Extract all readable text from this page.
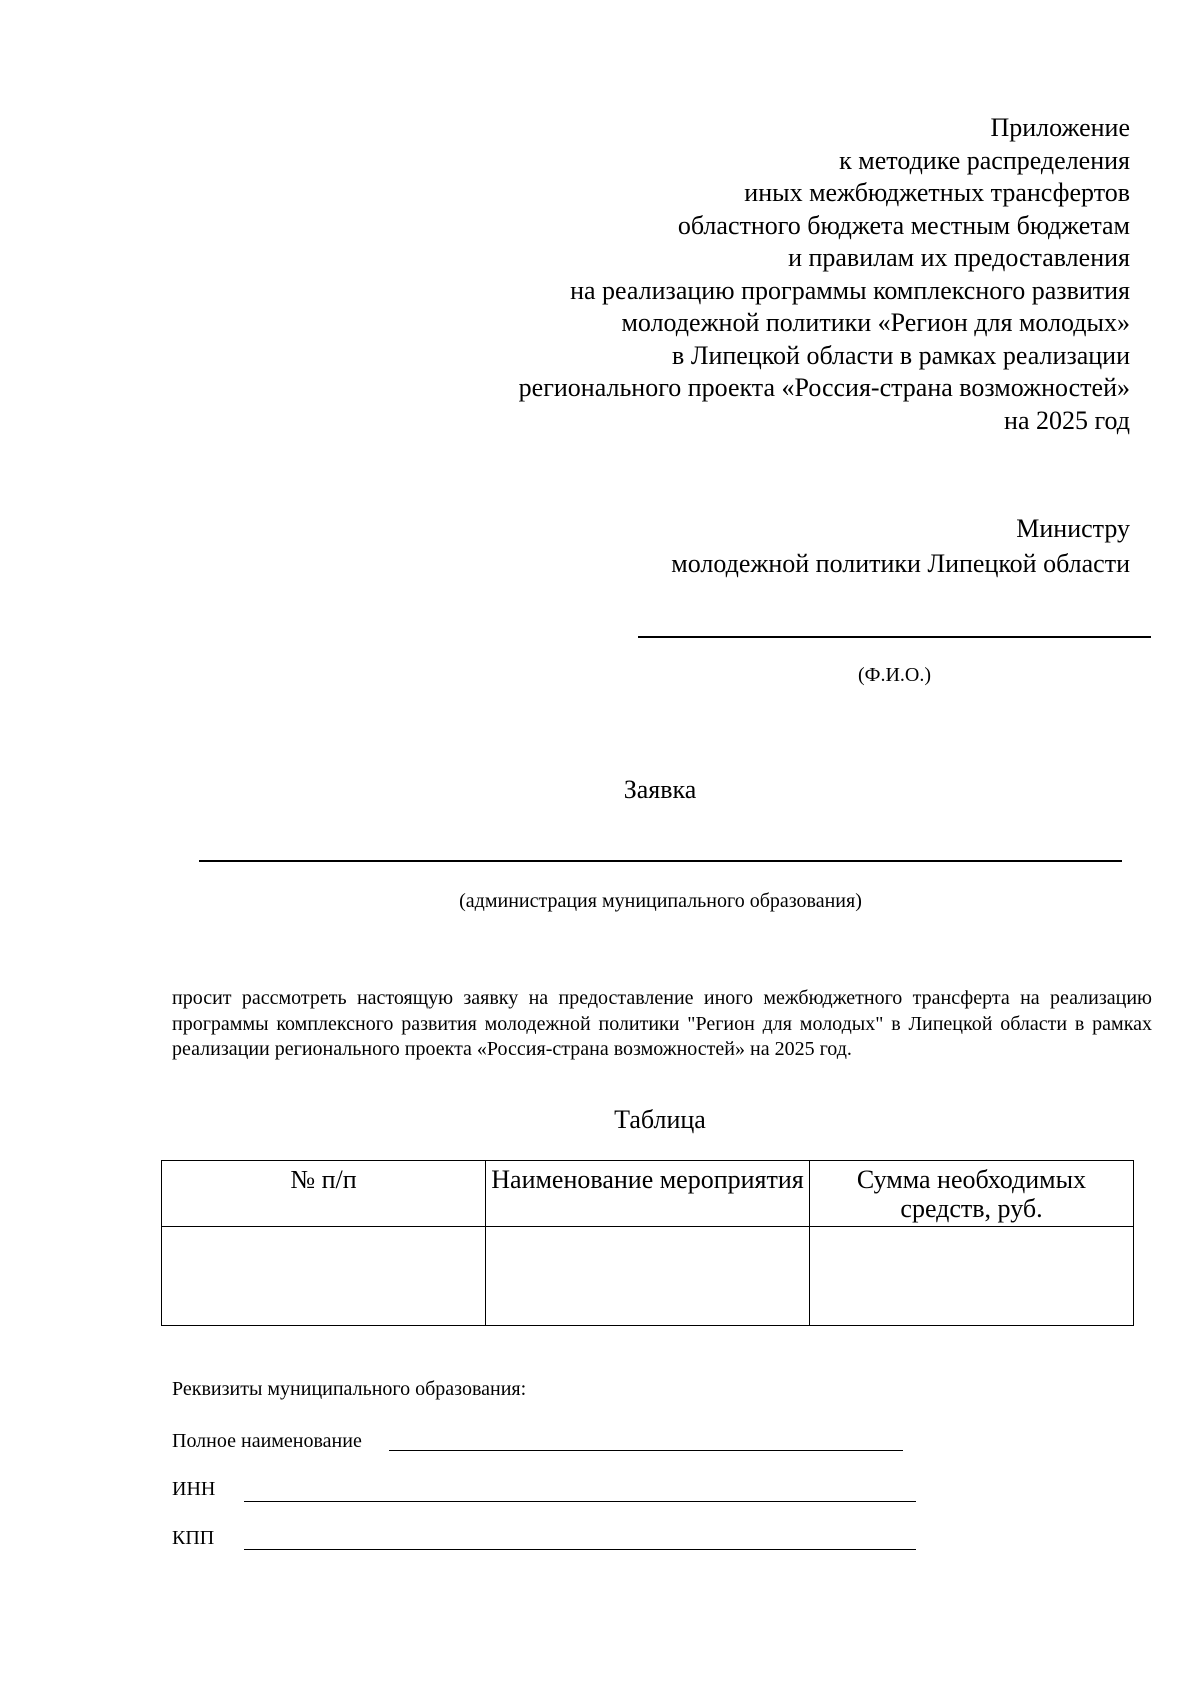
Приложение
к методике распределения
иных межбюджетных трансфертов
областного бюджета местным бюджетам
и правилам их предоставления
на реализацию программы комплексного развития
молодежной политики «Регион для молодых»
в Липецкой области в рамках реализации
регионального проекта «Россия-страна возможностей»
на 2025 год
Министру
молодежной политики Липецкой области
(Ф.И.О.)
Заявка
(администрация муниципального образования)
просит рассмотреть настоящую заявку на предоставление иного межбюджетного трансферта на реализацию программы комплексного развития молодежной политики "Регион для молодых" в Липецкой области в рамках реализации регионального проекта «Россия-страна возможностей» на 2025 год.
Таблица
№ п/п	Наименование мероприятия	Сумма необходимых средств, руб.

Реквизиты муниципального образования:
Полное наименование
ИНН
КПП
